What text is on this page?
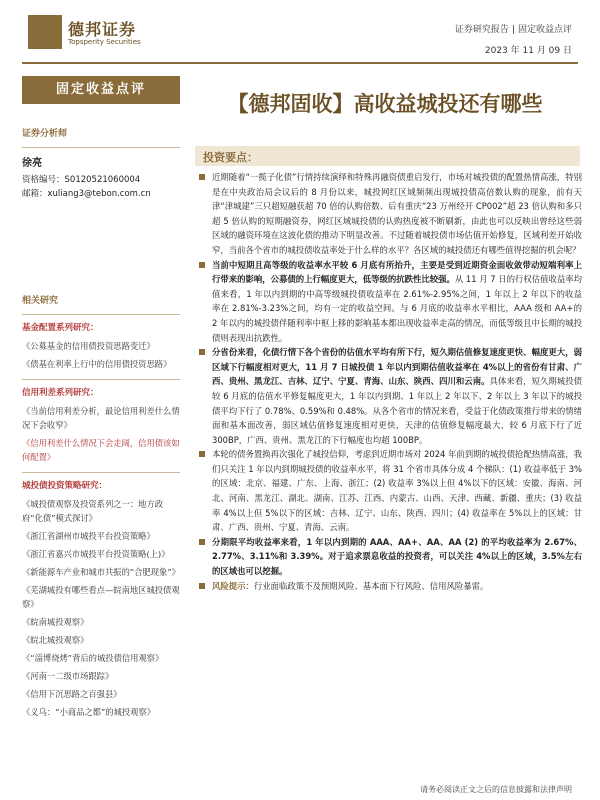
德邦证券
Topsperity Securities
证券研究报告 | 固定收益点评
2023 年 11 月 09 日
固定收益点评
【德邦固收】高收益城投还有哪些
证券分析师
徐亮
资格编号：S0120521060004
邮箱：xuliang3@tebon.com.cn
相关研究
基金配置系列研究：
《公募基金的信用债投资思路变迁》
《债基在利率上行中的信用债投资思路》
信用利差系列研究：
《当前信用利差分析，最论信用利差什么情况下会收窄》
《信用利差什么情况下会走阔，信用债该如何配置》
城投债投资策略研究：
《城投债观察及投资系列之一：地方政府“化债”模式探讨》
《浙江省湖州市城投平台投资策略》
《浙江省嘉兴市城投平台投资策略(上)》
《新能源车产业和城市共振的“合肥现象”》
《芜湖城投有哪些看点—皖南地区城投债观察》
《皖南城投观察》
《皖北城投观察》
《“淄博烧烤”背后的城投债信用观察》
《河南一二级市场跟踪》
《信用下沉思路之百强县》
《义乌：“小商品之都”的城投观察》
投资要点：
近期随着“一揽子化债”行情持续演绎和特殊再融资债重启发行，市场对城投债的配置热情高涨，特别是在中央政治局会议后的 8 月份以来，城投网红区域频频出现城投债高倍数认购的现象，前有天津“津城建”三只超短融获超 70 倍的认购倍数、后有重庆“23 万州经开 CP002”超 23 倍认购和多只超 5 倍认购的短期融资券，网红区域城投债的认购热度被不断刷新，由此也可以反映出曾经这些弱区域的融资环境在这波化债的推动下明显改善。不过随着城投债市场估值开始修复，区域利差开始收窄，当前各个省市的城投债收益率处于什么样的水平？各区域的城投债还有哪些值得挖掘的机会呢？
当前中短期且高等级的收益率水平较 6 月底有所抬升，主要是受到近期资金面收敛带动短端利率上行带来的影响，公募债的上行幅度更大，低等级的抗跌性比较强。从 11 月 7 日的行权估值收益率均值来看，1 年以内到期的中高等级城投债收益率在 2.61%-2.95%之间，1 年以上 2 年以下的收益率在 2.81%-3.23%之间，均有一定的收益空间。与 6 月底的收益率水平相比，AAA 级和 AA+的 2 年以内的城投债伴随利率中枢上移的影响基本都出现收益率走高的情况，而低等级且中长期的城投债则表现出抗跌性。
分省份来看，化债行情下各个省份的估值水平均有所下行，短久期估值修复速度更快、幅度更大，弱区域下行幅度相对更大，11 月 7 日城投债 1 年以内到期估值收益率在 4%以上的省份有甘肃、广西、贵州、黑龙江、吉林、辽宁、宁夏、青海、山东、陕西、四川和云南。具体来看，短久期城投债较 6 月底的估值水平修复幅度更大，1 年以内到期、1 年以上 2 年以下、2 年以上 3 年以下的城投债平均下行了 0.78%、0.59%和 0.48%。从各个省市的情况来看，受益于化债政策推行带来的情绪面和基本面改善，弱区域估值修复速度相对更快，天津的估值修复幅度最大，较 6 月底下行了近 300BP，广西、贵州、黑龙江的下行幅度也均超 100BP。
本轮的债务置换再次强化了城投信仰，考虑到近期市场对 2024 年前到期的城投债抢配热情高涨，我们只关注 1 年以内到期城投债的收益率水平，将 31 个省市具体分成 4 个梯队：(1) 收益率低于 3%的区域：北京、福建、广东、上海、浙江；(2) 收益率 3%以上但 4%以下的区域：安徽、海南、河北、河南、黑龙江、湖北、湖南、江苏、江西、内蒙古、山西、天津、西藏、新疆、重庆；(3) 收益率 4%以上但 5%以下的区域：吉林、辽宁、山东、陕西、四川；(4) 收益率在 5%以上的区域：甘肃、广西、贵州、宁夏、青海、云南。
分期限平均收益率来看，1 年以内到期的 AAA、AA+、AA、AA (2) 的平均收益率为 2.67%、2.77%、3.11%和 3.39%。对于追求票息收益的投资者，可以关注 4%以上的区域，3.5%左右的区域也可以挖掘。
风险提示：行业面临政策不及预期风险、基本面下行风险、信用风险暴雷。
请务必阅读正文之后的信息披露和法律声明
